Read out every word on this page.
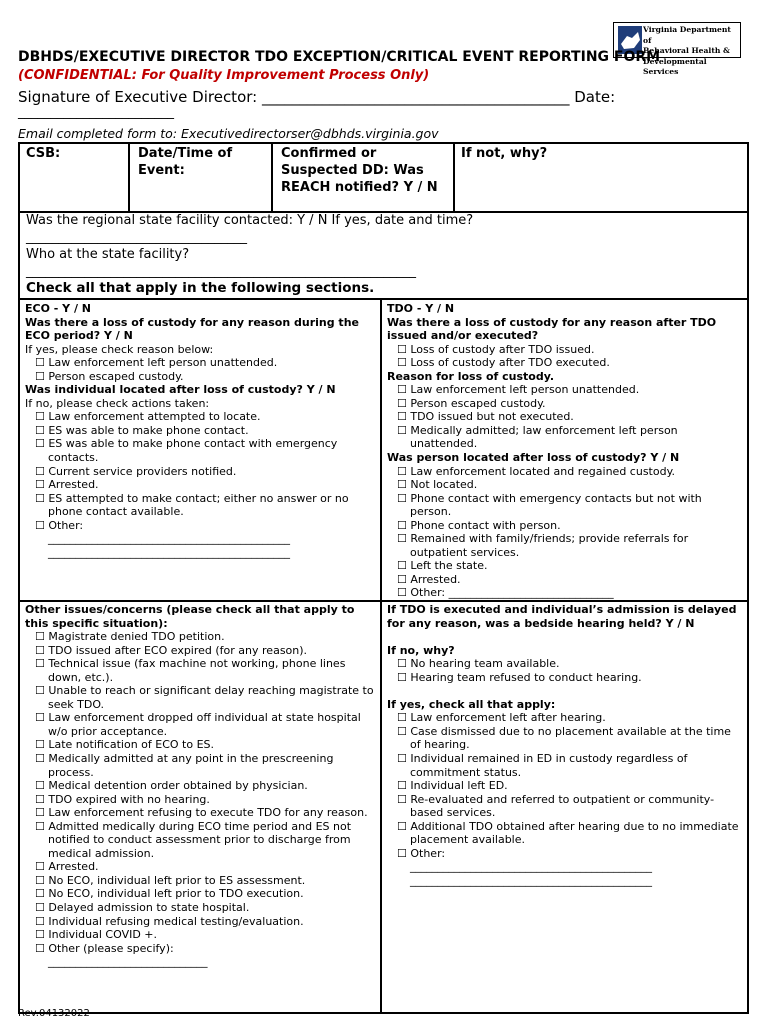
Virginia Department of
Behavioral Health &
Developmental Services
DBHDS/EXECUTIVE DIRECTOR TDO EXCEPTION/CRITICAL EVENT REPORTING FORM
(CONFIDENTIAL: For Quality Improvement Process Only)
Signature of Executive Director: _________________________________________ Date:
________________________
Email completed form to: Executivedirectorser@dbhds.virginia.gov
CSB:	Date/Time of Event:
Confirmed or Suspected DD: Was REACH notified? Y / N
If not, why?
Was the regional state facility contacted: Y / N If yes, date and time?
__________________________________
Who at the state facility?
____________________________________________________________
Check all that apply in the following sections.
ECO - Y / N
Was there a loss of custody for any reason during the ECO period? Y / N
If yes, please check reason below:
☐ Law enforcement left person unattended.
☐ Person escaped custody.
Was individual located after loss of custody? Y / N
If no, please check actions taken:
☐ Law enforcement attempted to locate.
☐ ES was able to make phone contact.
☐ ES was able to make phone contact with emergency contacts.
☐ Current service providers notified.
☐ Arrested.
☐ ES attempted to make contact; either no answer or no phone contact available.
☐ Other:
____________________________________________
____________________________________________
TDO - Y / N
Was there a loss of custody for any reason after TDO issued and/or executed?
☐ Loss of custody after TDO issued.
☐ Loss of custody after TDO executed.
Reason for loss of custody.
☐ Law enforcement left person unattended.
☐ Person escaped custody.
☐ TDO issued but not executed.
☐ Medically admitted; law enforcement left person unattended.
Was person located after loss of custody? Y / N
☐ Law enforcement located and regained custody.
☐ Not located.
☐ Phone contact with emergency contacts but not with person.
☐ Phone contact with person.
☐ Remained with family/friends; provide referrals for outpatient services.
☐ Left the state.
☐ Arrested.
☐ Other: ______________________________
Other issues/concerns (please check all that apply to this specific situation):
☐ Magistrate denied TDO petition.
☐ TDO issued after ECO expired (for any reason).
☐ Technical issue (fax machine not working, phone lines down, etc.).
☐ Unable to reach or significant delay reaching magistrate to seek TDO.
☐ Law enforcement dropped off individual at state hospital w/o prior acceptance.
☐ Late notification of ECO to ES.
☐ Medically admitted at any point in the prescreening process.
☐ Medical detention order obtained by physician.
☐ TDO expired with no hearing.
☐ Law enforcement refusing to execute TDO for any reason.
☐ Admitted medically during ECO time period and ES not notified to conduct assessment prior to discharge from medical admission.
☐ Arrested.
☐ No ECO, individual left prior to ES assessment.
☐ No ECO, individual left prior to TDO execution.
☐ Delayed admission to state hospital.
☐ Individual refusing medical testing/evaluation.
☐ Individual COVID +.
☐ Other (please specify):
_____________________________
If TDO is executed and individual’s admission is delayed for any reason, was a bedside hearing held? Y / N
If no, why?
☐ No hearing team available.
☐ Hearing team refused to conduct hearing.
If yes, check all that apply:
☐ Law enforcement left after hearing.
☐ Case dismissed due to no placement available at the time of hearing.
☐ Individual remained in ED in custody regardless of commitment status.
☐ Individual left ED.
☐ Re-evaluated and referred to outpatient or community-based services.
☐ Additional TDO obtained after hearing due to no immediate placement available.
☐ Other:
____________________________________________
____________________________________________
Rev.04132022
